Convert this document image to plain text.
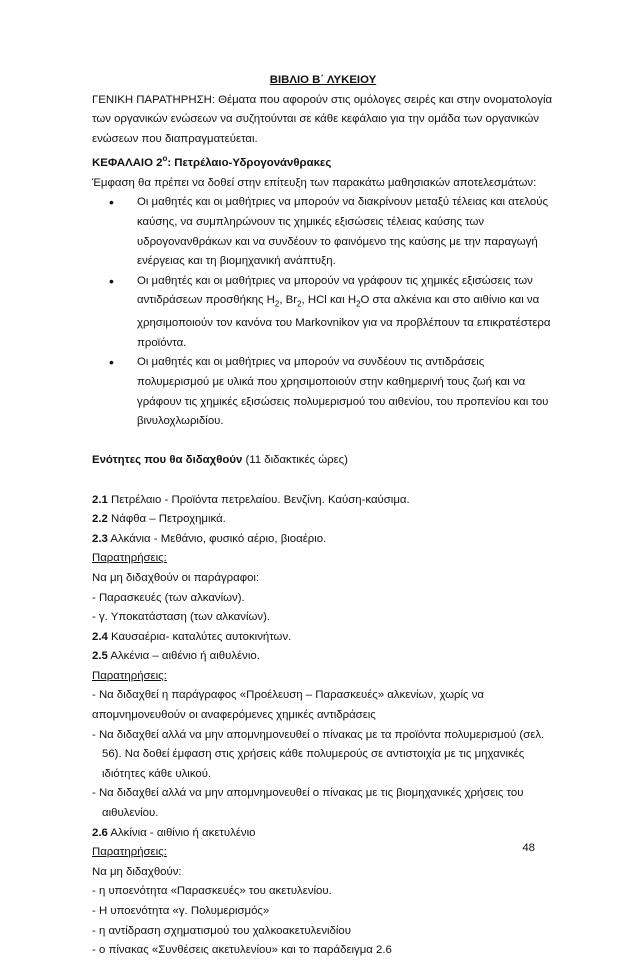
ΒΙΒΛΙΟ Β΄ ΛΥΚΕΙΟΥ
ΓΕΝΙΚΗ ΠΑΡΑΤΗΡΗΣΗ: Θέματα που αφορούν στις ομόλογες σειρές και στην ονοματολογία
των οργανικών ενώσεων να συζητούνται σε κάθε κεφάλαιο για την ομάδα των οργανικών
ενώσεων που διαπραγματεύεται.
ΚΕΦΑΛΑΙΟ $2^o$: Πετρέλαιο-Υδρογονάνθρακες
Έμφαση θα πρέπει να δοθεί στην επίτευξη των παρακάτω μαθησιακών αποτελεσμάτων:
• Οι μαθητές και οι μαθήτριες να μπορούν να διακρίνουν μεταξύ τέλειας και ατελούς
καύσης, να συμπληρώνουν τις χημικές εξισώσεις τέλειας καύσης των
υδρογονανθράκων και να συνδέουν το φαινόμενο της καύσης με την παραγωγή
ενέργειας και τη βιομηχανική ανάπτυξη.
• Οι μαθητές και οι μαθήτριες να μπορούν να γράφουν τις χημικές εξισώσεις των
αντιδράσεων προσθήκης $H_2$, $Br_2$, HCl και $H_2O$ στα αλκένια και στο αιθίνιο και να
χρησιμοποιούν τον κανόνα του Markovnikov για να προβλέπουν τα επικρατέστερα
προϊόντα.
• Οι μαθητές και οι μαθήτριες να μπορούν να συνδέουν τις αντιδράσεις
πολυμερισμού με υλικά που χρησιμοποιούν στην καθημερινή τους ζωή και να
γράφουν τις χημικές εξισώσεις πολυμερισμού του αιθενίου, του προπενίου και του
βινυλοχλωριδίου.
Ενότητες που θα διδαχθούν (11 διδακτικές ώρες)
2.1 Πετρέλαιο - Προϊόντα πετρελαίου. Βενζίνη. Καύση-καύσιμα.
2.2 Νάφθα – Πετροχημικά.
2.3 Αλκάνια - Μεθάνιο, φυσικό αέριο, βιοαέριο.
Παρατηρήσεις:
Να μη διδαχθούν οι παράγραφοι:
- Παρασκευές (των αλκανίων).
- γ. Υποκατάσταση (των αλκανίων).
2.4 Καυσαέρια- καταλύτες αυτοκινήτων.
2.5 Αλκένια – αιθένιο ή αιθυλένιο.
Παρατηρήσεις:
- Να διδαχθεί η παράγραφος «Προέλευση – Παρασκευές» αλκενίων, χωρίς να
απομνημονευθούν οι αναφερόμενες χημικές αντιδράσεις
- Να διδαχθεί αλλά να μην απομνημονευθεί ο πίνακας με τα προϊόντα πολυμερισμού (σελ.
56). Να δοθεί έμφαση στις χρήσεις κάθε πολυμερούς σε αντιστοιχία με τις μηχανικές
ιδιότητες κάθε υλικού.
- Να διδαχθεί αλλά να μην απομνημονευθεί ο πίνακας με τις βιομηχανικές χρήσεις του
αιθυλενίου.
2.6 Αλκίνια - αιθίνιο ή ακετυλένιο
Παρατηρήσεις:
Να μη διδαχθούν:
- η υποενότητα «Παρασκευές» του ακετυλενίου.
- Η υποενότητα «γ. Πολυμερισμός»
- η αντίδραση σχηματισμού του χαλκοακετυλενιδίου
- ο πίνακας «Συνθέσεις ακετυλενίου» και το παράδειγμα 2.6
48
